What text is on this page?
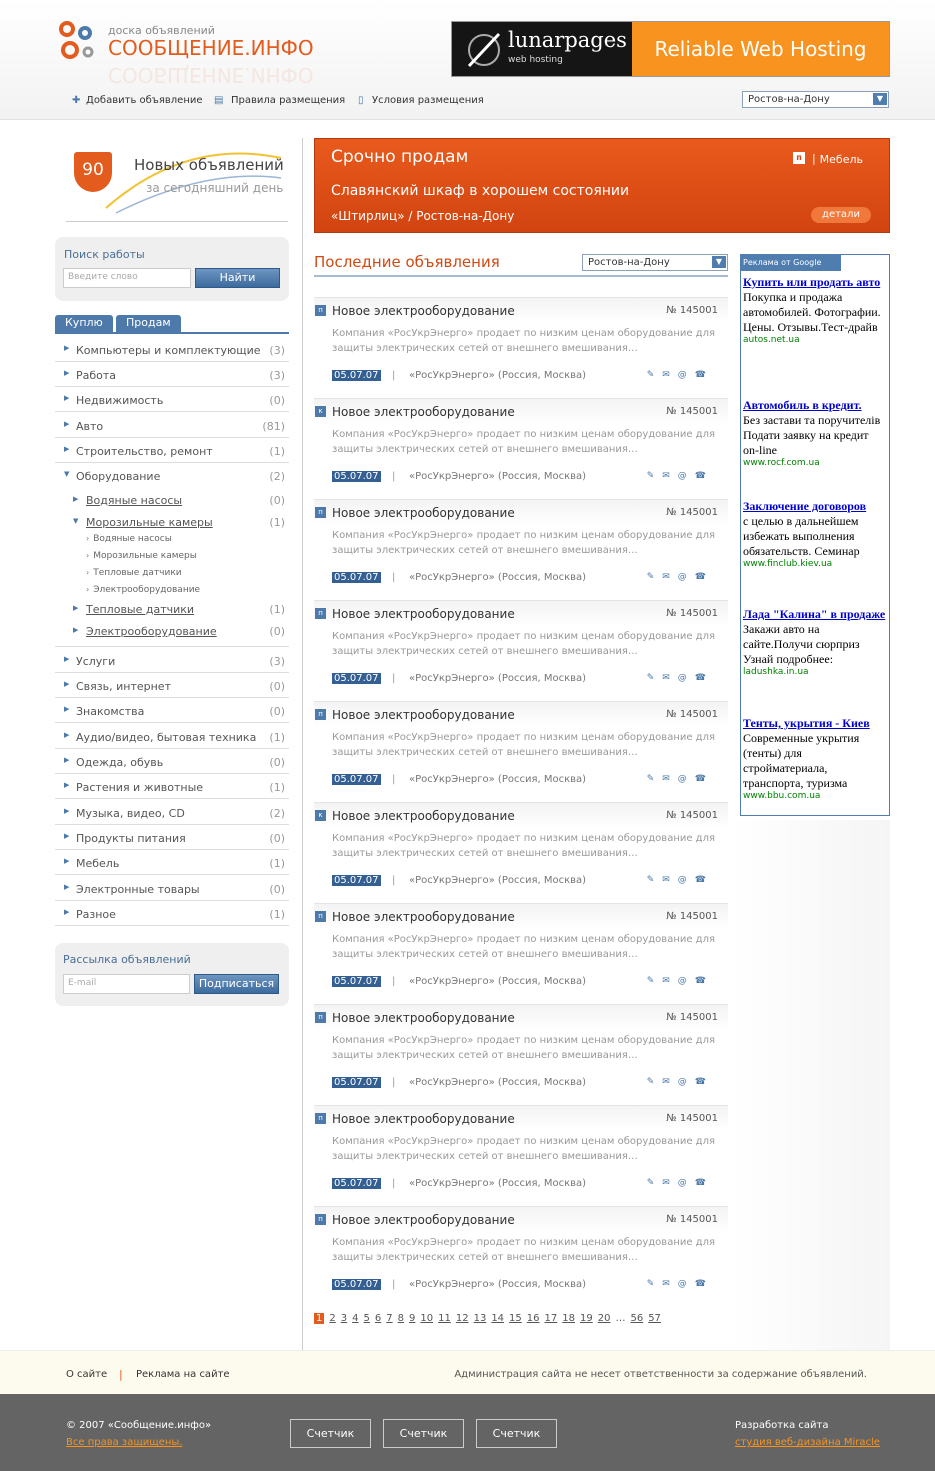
доска объявлений
СООБЩЕНИЕ.ИНФО
СООБЩЕНИЕ.ИНФО
lunarpages
web hosting	Reliable Web Hosting
✚ Добавить объявление ▤ Правила размещения ▯ Условия размещения	Ростов-на-Дону	▼
90	Новых объявлений
за сегодняшний день
Поиск работы
Введите слово	Найти
Куплю	Продам
▶ Компьютеры и комплектующие (3)
▶ Работа	(3)
▶ Недвижимость	(0)
▶ Авто	(81)
▶ Строительство, ремонт	(1)
▼ Оборудование	(2)
▶ Водяные насосы	(0)
▼ Морозильные камеры	(1)
› Водяные насосы
› Морозильные камеры
› Тепловые датчики
› Электрооборудование
▶ Тепловые датчики	(1)
▶ Электрооборудование	(0)
▶ Услуги	(3)
▶ Связь, интернет	(0)
▶ Знакомства	(0)
▶ Аудио/видео, бытовая техника (1)
▶ Одежда, обувь	(0)
▶ Растения и животные	(1)
▶ Музыка, видео, CD	(2)
▶ Продукты питания	(0)
▶ Мебель	(1)
▶ Электронные товары	(0)
▶ Разное	(1)
Рассылка объявлений
E-mail	Подписаться
Срочно продам	п | Мебель
Славянский шкаф в хорошем состоянии
«Штирлиц» / Ростов-на-Дону	детали
Последние объявления	Ростов-на-Дону	▼
п Новое электрооборудование	№ 145001
Компания «РосУкрЭнерго» продает по низким ценам оборудование для защиты электрических сетей от внешнего вмешивания…
05.07.07 | «РосУкрЭнерго» (Россия, Москва)	✎✉@☎
к Новое электрооборудование	№ 145001
Компания «РосУкрЭнерго» продает по низким ценам оборудование для защиты электрических сетей от внешнего вмешивания…
05.07.07 | «РосУкрЭнерго» (Россия, Москва)	✎✉@☎
п Новое электрооборудование	№ 145001
Компания «РосУкрЭнерго» продает по низким ценам оборудование для защиты электрических сетей от внешнего вмешивания…
05.07.07 | «РосУкрЭнерго» (Россия, Москва)	✎✉@☎
п Новое электрооборудование	№ 145001
Компания «РосУкрЭнерго» продает по низким ценам оборудование для защиты электрических сетей от внешнего вмешивания…
05.07.07 | «РосУкрЭнерго» (Россия, Москва)	✎✉@☎
п Новое электрооборудование	№ 145001
Компания «РосУкрЭнерго» продает по низким ценам оборудование для защиты электрических сетей от внешнего вмешивания…
05.07.07 | «РосУкрЭнерго» (Россия, Москва)	✎✉@☎
к Новое электрооборудование	№ 145001
Компания «РосУкрЭнерго» продает по низким ценам оборудование для защиты электрических сетей от внешнего вмешивания…
05.07.07 | «РосУкрЭнерго» (Россия, Москва)	✎✉@☎
п Новое электрооборудование	№ 145001
Компания «РосУкрЭнерго» продает по низким ценам оборудование для защиты электрических сетей от внешнего вмешивания…
05.07.07 | «РосУкрЭнерго» (Россия, Москва)	✎✉@☎
п Новое электрооборудование	№ 145001
Компания «РосУкрЭнерго» продает по низким ценам оборудование для защиты электрических сетей от внешнего вмешивания…
05.07.07 | «РосУкрЭнерго» (Россия, Москва)	✎✉@☎
п Новое электрооборудование	№ 145001
Компания «РосУкрЭнерго» продает по низким ценам оборудование для защиты электрических сетей от внешнего вмешивания…
05.07.07 | «РосУкрЭнерго» (Россия, Москва)	✎✉@☎
п Новое электрооборудование	№ 145001
Компания «РосУкрЭнерго» продает по низким ценам оборудование для защиты электрических сетей от внешнего вмешивания…
05.07.07 | «РосУкрЭнерго» (Россия, Москва)	✎✉@☎
1 2 3 4 5 6 7 8 9 10 11 12 13 14 15 16 17 18 19 20 … 56 57
Реклама от Google
Купить или продать авто
Покупка и продажа автомобилей. Фотографии. Цены. Отзывы.Тест-драйв
autos.net.ua
Автомобиль в кредит.
Без застави та поручителів Подати заявку на кредит on-line
www.rocf.com.ua
Заключение договоров
с целью в дальнейшем избежать выполнения обязательств. Семинар
www.finclub.kiev.ua
Лада "Калина" в продаже
Закажи авто на сайте.Получи сюрприз Узнай подробнее:
ladushka.in.ua
Тенты, укрытия - Киев
Современные укрытия (тенты) для стройматериала, транспорта, туризма
www.bbu.com.ua
О сайте | Реклама на сайте	Администрация сайта не несет ответственности за содержание объявлений.
© 2007 «Сообщение.инфо»
Все права защищены.
Счетчик	Счетчик	Счетчик
Разработка сайта
студия веб-дизайна Miracle
